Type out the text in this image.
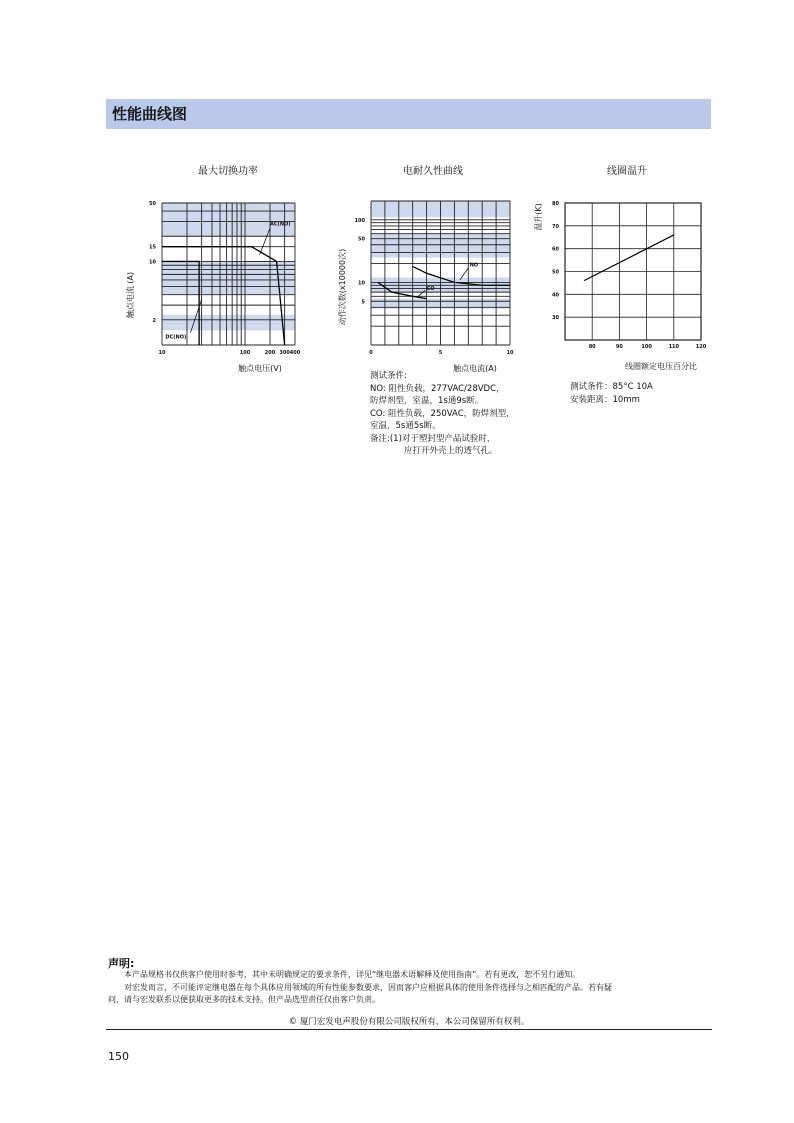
性能曲线图
最大切换功率	电耐久性曲线	线圈温升
AC(NO)
DC(NO)
10	100	200 300 400
50
15
10
2
触点电流 (A)
触点电压(V)
NO
CO
0	5	10
100
50
10
5
动作次数(x10000次)
触点电流(A)
80	90	100	110	120
80
70
60
50
40
30
温升(K)
线圈额定电压百分比
测试条件:
NO: 阻性负载，277VAC/28VDC，
防焊剂型，室温，1s通9s断。
CO: 阻性负载，250VAC，防焊剂型，
室温，5s通5s断。
备注:(1)对于塑封型产品试验时，
应打开外壳上的透气孔。
测试条件：85°C 10A
安装距离：10mm
声明:
本产品规格书仅供客户使用时参考，其中未明确规定的要求条件，详见“继电器术语解释及使用指南”。若有更改，恕不另行通知。
对宏发而言，不可能评定继电器在每个具体应用领域的所有性能参数要求，因而客户应根据具体的使用条件选择与之相匹配的产品。若有疑
问，请与宏发联系以便获取更多的技术支持。但产品选型责任仅由客户负责。
© 厦门宏发电声股份有限公司版权所有，本公司保留所有权利。
150
